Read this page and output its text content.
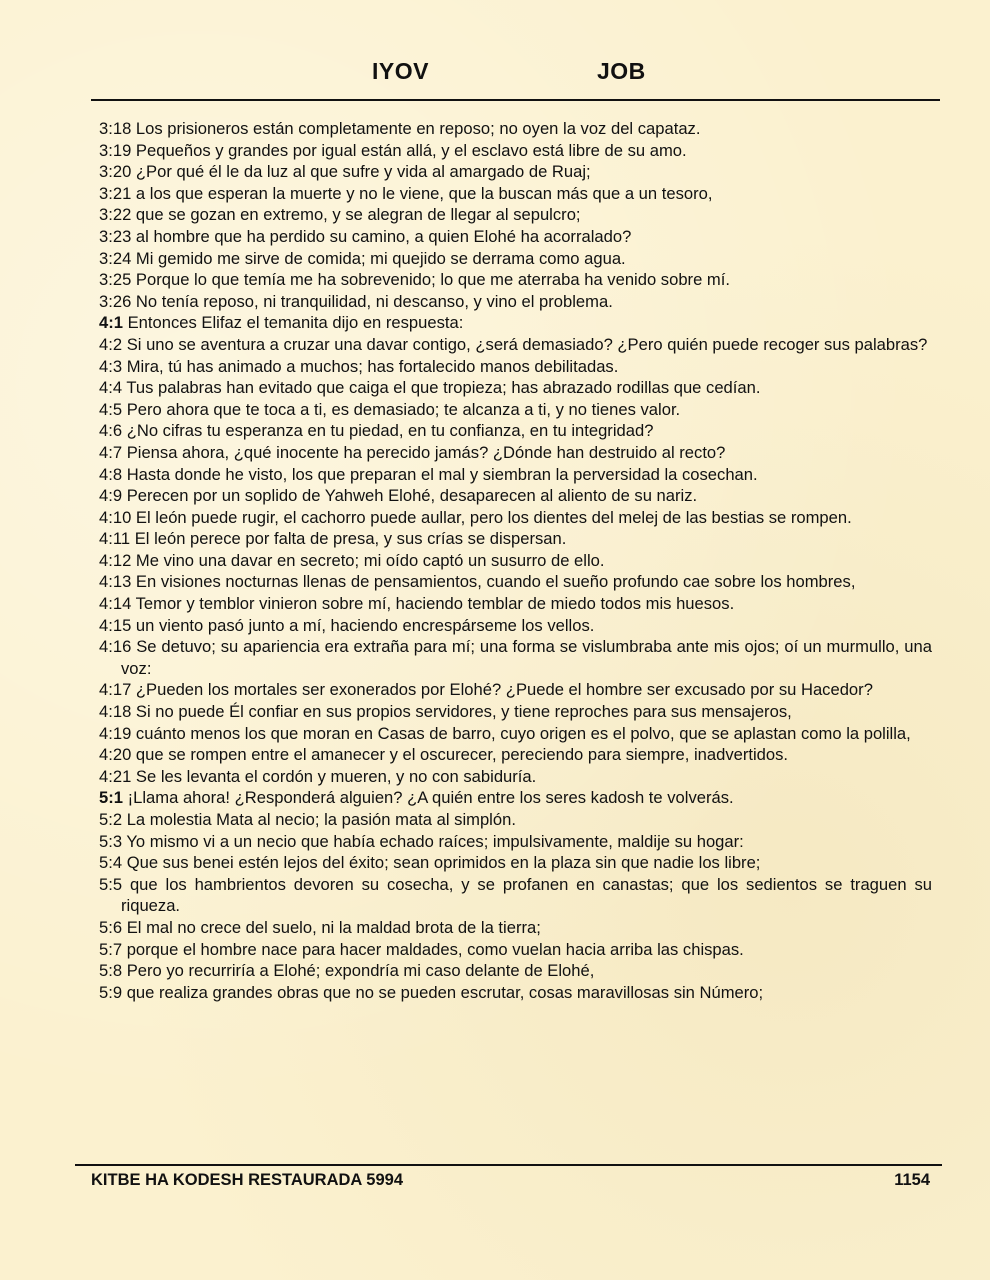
IYOV	JOB

3:18 Los prisioneros están completamente en reposo; no oyen la voz del capataz.

3:19 Pequeños y grandes por igual están allá, y el esclavo está libre de su amo.

3:20 ¿Por qué él le da luz al que sufre y vida al amargado de Ruaj;

3:21 a los que esperan la muerte y no le viene, que la buscan más que a un tesoro,

3:22 que se gozan en extremo, y se alegran de llegar al sepulcro;

3:23 al hombre que ha perdido su camino, a quien Elohé ha acorralado?

3:24 Mi gemido me sirve de comida; mi quejido se derrama como agua.

3:25 Porque lo que temía me ha sobrevenido; lo que me aterraba ha venido sobre mí.

3:26 No tenía reposo, ni tranquilidad, ni descanso, y vino el problema.

4:1 Entonces Elifaz el temanita dijo en respuesta:

4:2 Si uno se aventura a cruzar una davar contigo, ¿será demasiado? ¿Pero quién puede recoger sus palabras?

4:3 Mira, tú has animado a muchos; has fortalecido manos debilitadas.

4:4 Tus palabras han evitado que caiga el que tropieza; has abrazado rodillas que cedían.

4:5 Pero ahora que te toca a ti, es demasiado; te alcanza a ti, y no tienes valor.

4:6 ¿No cifras tu esperanza en tu piedad, en tu confianza, en tu integridad?

4:7 Piensa ahora, ¿qué inocente ha perecido jamás? ¿Dónde han destruido al recto?

4:8 Hasta donde he visto, los que preparan el mal y siembran la perversidad la cosechan.

4:9 Perecen por un soplido de Yahweh Elohé, desaparecen al aliento de su nariz.

4:10 El león puede rugir, el cachorro puede aullar, pero los dientes del melej de las bestias se rompen.

4:11 El león perece por falta de presa, y sus crías se dispersan.

4:12 Me vino una davar en secreto; mi oído captó un susurro de ello.

4:13 En visiones nocturnas llenas de pensamientos, cuando el sueño profundo cae sobre los hombres,

4:14 Temor y temblor vinieron sobre mí, haciendo temblar de miedo todos mis huesos.

4:15 un viento pasó junto a mí, haciendo encrespárseme los vellos.

4:16 Se detuvo; su apariencia era extraña para mí; una forma se vislumbraba ante mis ojos; oí un murmullo, una voz:

4:17 ¿Pueden los mortales ser exonerados por Elohé? ¿Puede el hombre ser excusado por su Hacedor?

4:18 Si no puede Él confiar en sus propios servidores, y tiene reproches para sus mensajeros,

4:19 cuánto menos los que moran en Casas de barro, cuyo origen es el polvo, que se aplastan como la polilla,

4:20 que se rompen entre el amanecer y el oscurecer, pereciendo para siempre, inadvertidos.

4:21 Se les levanta el cordón y mueren, y no con sabiduría.

5:1 ¡Llama ahora! ¿Responderá alguien? ¿A quién entre los seres kadosh te volverás.

5:2 La molestia Mata al necio; la pasión mata al simplón.

5:3 Yo mismo vi a un necio que había echado raíces; impulsivamente, maldije su hogar:

5:4 Que sus benei estén lejos del éxito; sean oprimidos en la plaza sin que nadie los libre;

5:5 que los hambrientos devoren su cosecha, y se profanen en canastas; que los sedientos se traguen su riqueza.

5:6 El mal no crece del suelo, ni la maldad brota de la tierra;

5:7 porque el hombre nace para hacer maldades, como vuelan hacia arriba las chispas.

5:8 Pero yo recurriría a Elohé; expondría mi caso delante de Elohé,

5:9 que realiza grandes obras que no se pueden escrutar, cosas maravillosas sin Número;

KITBE HA KODESH RESTAURADA 5994	1154
